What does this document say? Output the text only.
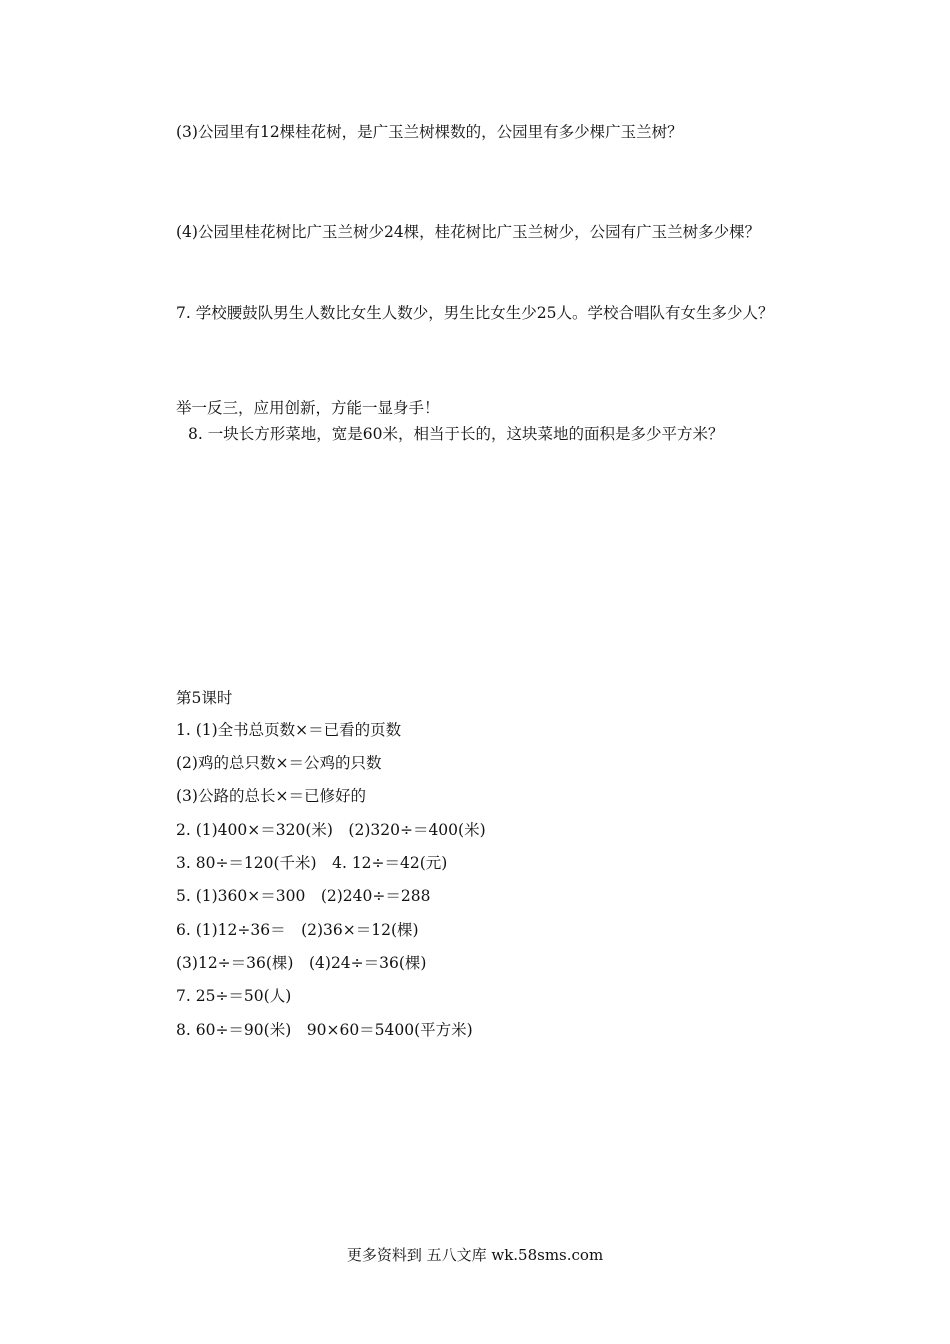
(3)公园里有12棵桂花树，是广玉兰树棵数的，公园里有多少棵广玉兰树？

(4)公园里桂花树比广玉兰树少24棵，桂花树比广玉兰树少，公园有广玉兰树多少棵？

7. 学校腰鼓队男生人数比女生人数少，男生比女生少25人。学校合唱队有女生多少人？

举一反三，应用创新，方能一显身手！

8. 一块长方形菜地，宽是60米，相当于长的，这块菜地的面积是多少平方米？

第5课时

1. (1)全书总页数×＝已看的页数

(2)鸡的总只数×＝公鸡的只数

(3)公路的总长×＝已修好的

2. (1)400×＝320(米)　(2)320÷＝400(米)

3. 80÷＝120(千米)　4. 12÷＝42(元)

5. (1)360×＝300　(2)240÷＝288

6. (1)12÷36＝　(2)36×＝12(棵)

(3)12÷＝36(棵)　(4)24÷＝36(棵)

7. 25÷＝50(人)

8. 60÷＝90(米)　90×60＝5400(平方米)

更多资料到 五八文库 wk.58sms.com
